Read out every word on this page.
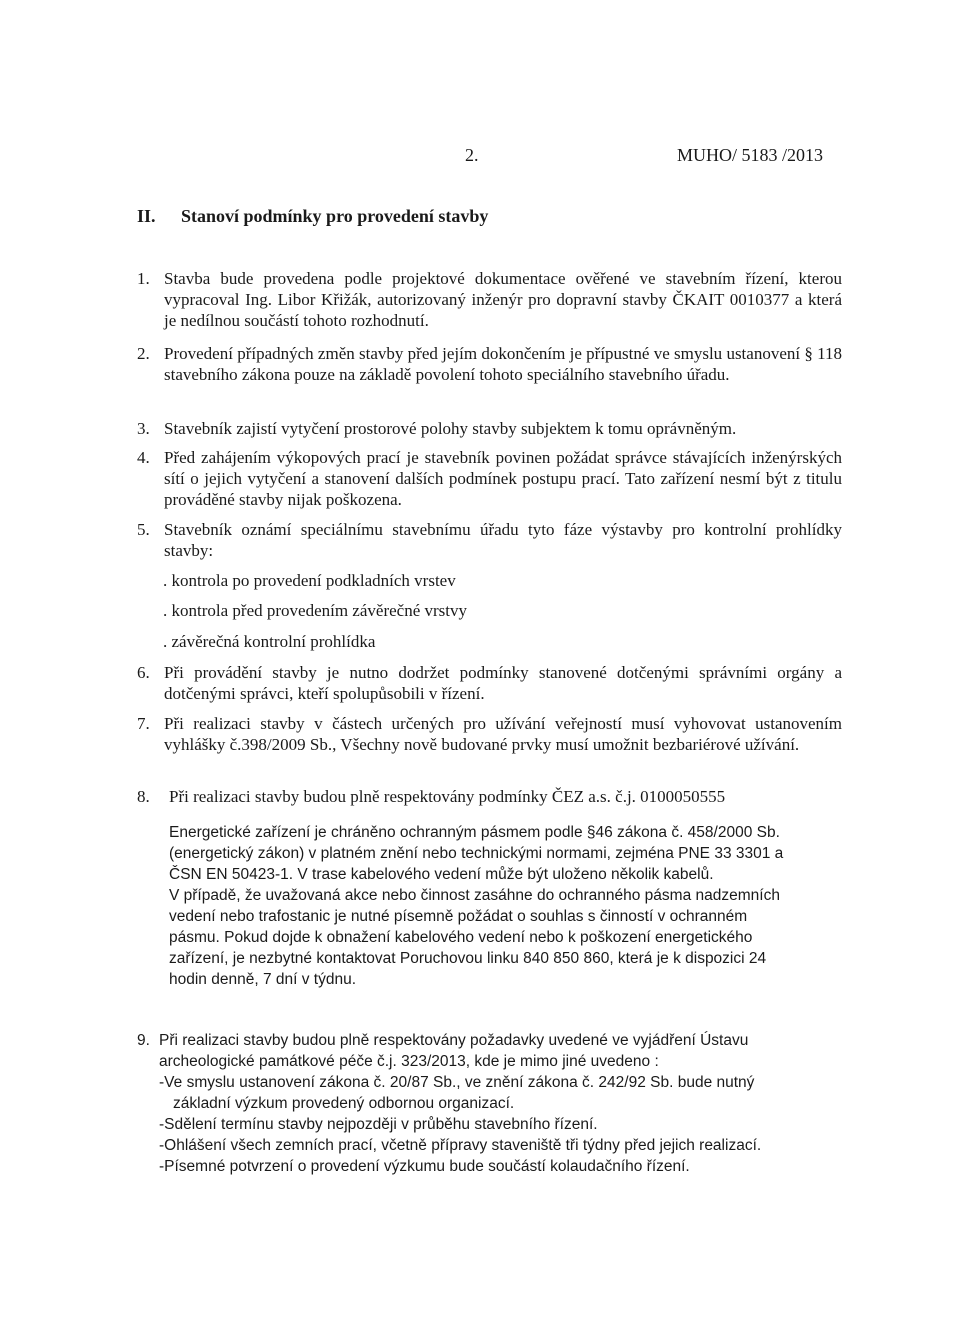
2.	MUHO/ 5183 /2013
II. Stanoví podmínky pro provedení stavby
1. Stavba bude provedena podle projektové dokumentace ověřené ve stavebním řízení, kterou vypracoval Ing. Libor Křižák, autorizovaný inženýr pro dopravní stavby ČKAIT 0010377 a která je nedílnou součástí tohoto rozhodnutí.
2. Provedení případných změn stavby před jejím dokončením je přípustné ve smyslu ustanovení § 118 stavebního zákona pouze na základě povolení tohoto speciálního stavebního úřadu.
3. Stavebník zajistí vytyčení prostorové polohy stavby subjektem k tomu oprávněným.
4. Před zahájením výkopových prací je stavebník povinen požádat správce stávajících inženýrských sítí o jejich vytyčení a stanovení dalších podmínek postupu prací. Tato zařízení nesmí být z titulu prováděné stavby nijak poškozena.
5. Stavebník oznámí speciálnímu stavebnímu úřadu tyto fáze výstavby pro kontrolní prohlídky stavby:
. kontrola po provedení podkladních vrstev
. kontrola před provedením závěrečné vrstvy
. závěrečná kontrolní prohlídka
6. Při provádění stavby je nutno dodržet podmínky stanovené dotčenými správními orgány a dotčenými správci, kteří spolupůsobili v řízení.
7. Při realizaci stavby v částech určených pro užívání veřejností musí vyhovovat ustanovením vyhlášky č.398/2009 Sb., Všechny nově budované prvky musí umožnit bezbariérové užívání.
8.	Při realizaci stavby budou plně respektovány podmínky ČEZ a.s. č.j. 0100050555

Energetické zařízení je chráněno ochranným pásmem podle §46 zákona č. 458/2000 Sb.

(energetický zákon) v platném znění nebo technickými normami, zejména PNE 33 3301 a

ČSN EN 50423-1. V trase kabelového vedení může být uloženo několik kabelů.

V případě, že uvažovaná akce nebo činnost zasáhne do ochranného pásma nadzemních

vedení nebo trafostanic je nutné písemně požádat o souhlas s činností v ochranném

pásmu. Pokud dojde k obnažení kabelového vedení nebo k poškození energetického

zařízení, je nezbytné kontaktovat Poruchovou linku 840 850 860, která je k dispozici 24

hodin denně, 7 dní v týdnu.

9. Při realizaci stavby budou plně respektovány požadavky uvedené ve vyjádření Ústavu
archeologické památkové péče č.j. 323/2013, kde je mimo jiné uvedeno :
-Ve smyslu ustanovení zákona č. 20/87 Sb., ve znění zákona č. 242/92 Sb. bude nutný
základní výzkum provedený odbornou organizací.
-Sdělení termínu stavby nejpozději v průběhu stavebního řízení.
-Ohlášení všech zemních prací, včetně přípravy staveniště tři týdny před jejich realizací.
-Písemné potvrzení o provedení výzkumu bude součástí kolaudačního řízení.
